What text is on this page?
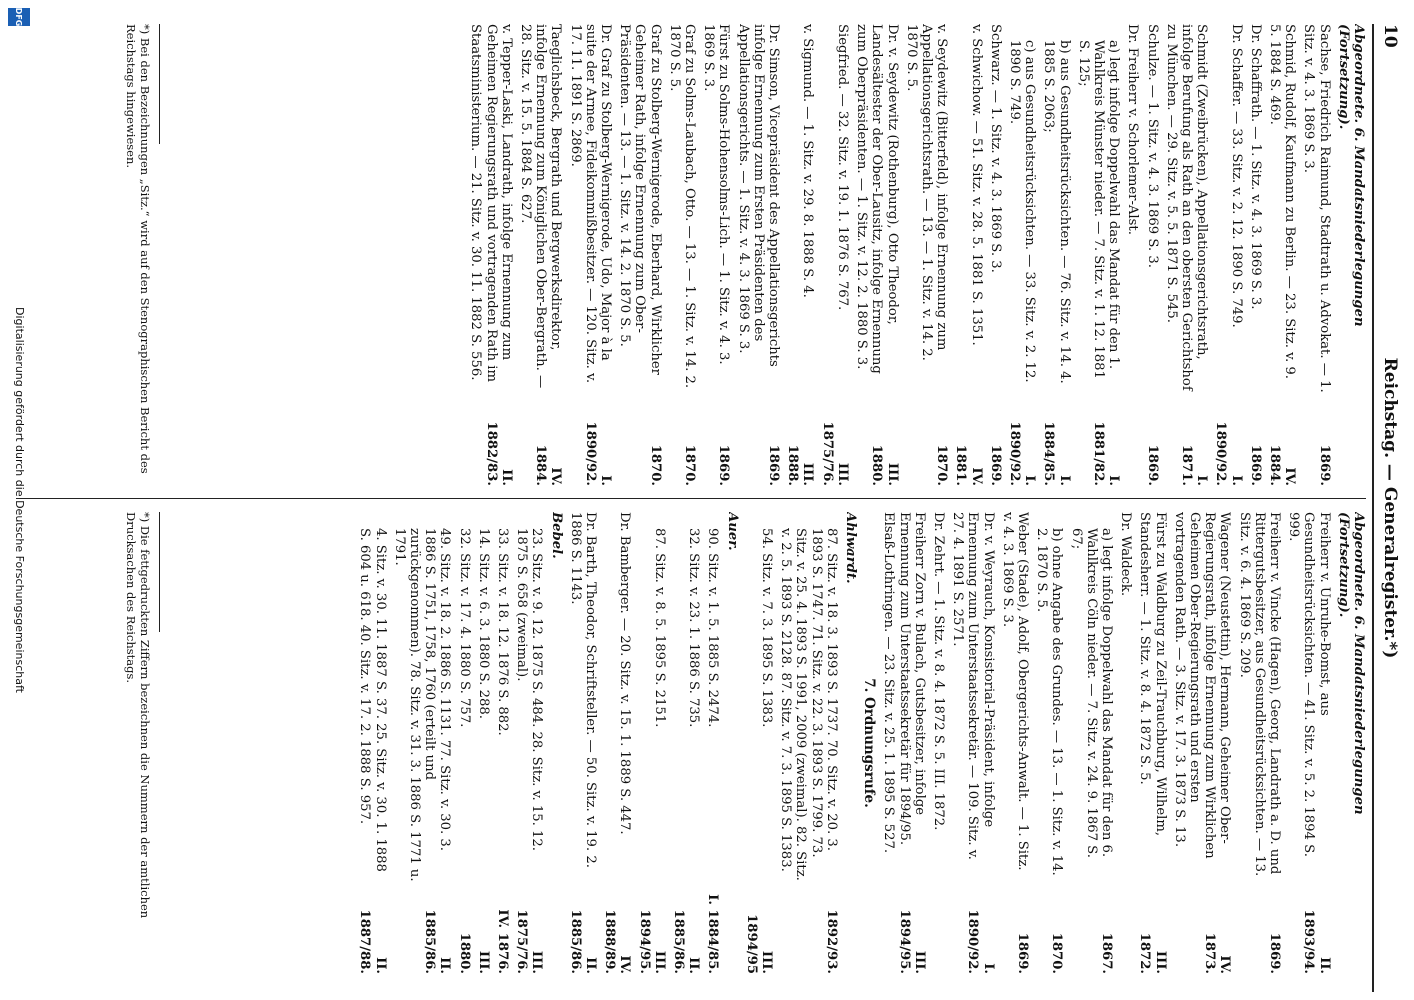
10
Reichstag. — Generalregister.*)
Abgeordnete. 6. Mandatsniederlegungen (Fortsetzung).
Sachse, Friedrich Raimund, Stadtrath u. Advokat. — 1. Sitz. v. 4. 3. 1869 S. 3.
1869.
Schmid, Rudolf, Kaufmann zu Berlin. — 23. Sitz. v. 9. 5. 1884 S. 469.
IV.
1884.
Dr. Schaffrath. — 1. Sitz. v. 4. 3. 1869 S. 3.
1869.
Dr. Schaffer. — 33. Sitz. v. 2. 12. 1890 S. 749.
I.
1890/92.
Schmidt (Zweibrücken), Appellationsgerichtsrath, infolge Berufung als Rath an den obersten Gerichtshof zu München. — 29. Sitz. v. 5. 5. 1871 S. 545.
I.
1871.
Schulze. — 1. Sitz. v. 4. 3. 1869 S. 3.
1869.
Dr. Freiherr v. Schorlemer-Alst.
a) legt infolge Doppelwahl das Mandat für den 1. Wahlkreis Münster nieder. — 7. Sitz. v. 1. 12. 1881 S. 125;
I.
1881/82.
b) aus Gesundheitsrücksichten. — 76. Sitz. v. 14. 4. 1885 S. 2063;
I.
1884/85.
c) aus Gesundheitsrücksichten. — 33. Sitz. v. 2. 12. 1890 S. 749.
I.
1890/92.
Schwarz. — 1. Sitz. v. 4. 3. 1869 S. 3.
1869.
v. Schwichow. — 51. Sitz. v. 28. 5. 1881 S. 1351.
IV.
1881.
v. Seydewitz (Bitterfeld), infolge Ernennung zum Appellationsgerichtsrath. — 13. — 1. Sitz. v. 14. 2. 1870 S. 5.
1870.
Dr. v. Seydewitz (Rothenburg), Otto Theodor, Landesältester der Ober-Lausitz, infolge Ernennung zum Oberpräsidenten. — 1. Sitz. v. 12. 2. 1880 S. 3.
III.
1880.
Siegfried. — 32. Sitz. v. 19. 1. 1876 S. 767.
III.
1875/76.
v. Sigmund. — 1. Sitz. v. 29. 8. 1888 S. 4.
III.
1888.
Dr. Simson, Vicepräsident des Appellationsgerichts infolge Ernennung zum Ersten Präsidenten des Appellationsgerichts. — 1. Sitz. v. 4. 3. 1869 S. 3.
1869.
Fürst zu Solms-Hohensolms-Lich. — 1. Sitz. v. 4. 3. 1869 S. 3.
1869.
Graf zu Solms-Laubach, Otto. — 13. — 1. Sitz. v. 14. 2. 1870 S. 5.
1870.
Graf zu Stolberg-Wernigerode, Eberhard, Wirklicher Geheimer Rath, infolge Ernennung zum Ober-Präsidenten. — 13. — 1. Sitz. v. 14. 2. 1870 S. 5.
1870.
Dr. Graf zu Stolberg-Wernigerode, Udo, Major à la suite der Armee, Fideikommißbesitzer. — 120. Sitz. v. 17. 11. 1891 S. 2869.
I.
1890/92.
Taeglichsbeck, Bergrath und Bergwerksdirektor, infolge Ernennung zum Königlichen Ober-Bergrath. — 28. Sitz. v. 15. 5. 1884 S. 627.
IV.
1884.
v. Tepper-Laski, Landrath, infolge Ernennung zum Geheimen Regierungsrath und vortragenden Rath im Staatsministerium. — 21. Sitz. v. 30. 11. 1882 S. 556.
II.
1882/83.
Abgeordnete. 6. Mandatsniederlegungen (Fortsetzung).
Freiherr v. Unruhe-Bomst, aus Gesundheitsrücksichten. — 41. Sitz. v. 5. 2. 1894 S. 999.
II.
1893/94.
Freiherr v. Vincke (Hagen), Georg, Landrath a. D. und Rittergutsbesitzer, aus Gesundheitsrücksichten. — 13. Sitz. v. 6. 4. 1869 S. 209.
1869.
Wagener (Neustettin), Hermann, Geheimer Ober-Regierungsrath, infolge Ernennung zum Wirklichen Geheimen Ober-Regierungsrath und ersten vortragenden Rath. — 3. Sitz. v. 17. 3. 1873 S. 13.
IV.
1873.
Fürst zu Waldburg zu Zeil-Trauchburg, Wilhelm, Standesherr. — 1. Sitz. v. 8. 4. 1872 S. 5.
III.
1872.
Dr. Waldeck.
a) legt infolge Doppelwahl das Mandat für den 6. Wahlkreis Cöln nieder. — 7. Sitz. v. 24. 9. 1867 S. 67;
1867.
b) ohne Angabe des Grundes. — 13. — 1. Sitz. v. 14. 2. 1870 S. 5.
1870.
Weber (Stade), Adolf, Obergerichts-Anwalt. — 1. Sitz. v. 4. 3. 1869 S. 3.
1869.
Dr. v. Weyrauch, Konsistorial-Präsident, infolge Ernennung zum Unterstaatssekretär. — 109. Sitz. v. 27. 4. 1891 S. 2571.
I.
1890/92.
Dr. Zehrt. — 1. Sitz. v. 8. 4. 1872 S. 5. III. 1872.
Freiherr Zorn v. Bulach, Gutsbesitzer, infolge Ernennung zum Unterstaatssekretär für 1894/95. Elsaß-Lothringen. — 23. Sitz. v. 25. 1. 1895 S. 527.
III.
1894/95.
7. Ordnungsrufe.
Ahlwardt.
87. Sitz. v. 18. 3. 1893 S. 1737. 70. Sitz. v. 20. 3. 1893 S. 1747. 71. Sitz. v. 22. 3. 1893 S. 1799. 73. Sitz. v. 25. 4. 1893 S. 1991, 2009 (zweimal). 82. Sitz. v. 2. 5. 1893 S. 2128. 87. Sitz. v. 7. 3. 1895 S. 1383.
1892/93.
54. Sitz. v. 7. 3. 1895 S. 1383.
III. 1894/95
Auer.
90. Sitz. v. 1. 5. 1885 S. 2474.
I. 1884/85.
32. Sitz. v. 23. 1. 1886 S. 735.
II. 1885/86.
87. Sitz. v. 8. 5. 1895 S. 2151.
III. 1894/95.
Dr. Bamberger. — 20. Sitz. v. 15. 1. 1889 S. 447.
IV.
1888/89.
Dr. Barth, Theodor, Schriftsteller. — 50. Sitz. v. 19. 2. 1886 S. 1143.
II.
1885/86.
Bebel.
23. Sitz. v. 9. 12. 1875 S. 484. 28. Sitz. v. 15. 12. 1875 S. 658 (zweimal).
III.
1875/76.
33. Sitz. v. 18. 12. 1876 S. 882.
IV. 1876.
14. Sitz. v. 6. 3. 1880 S. 288.
III.
32. Sitz. v. 17. 4. 1880 S. 757.
1880.
49. Sitz. v. 18. 2. 1886 S. 1131. 77. Sitz. v. 30. 3. 1886 S. 1751, 1758, 1760 (erteilt und zurückgenommen). 78. Sitz. v. 31. 3. 1886 S. 1771 u. 1791.
II.
1885/86.
4. Sitz. v. 30. 11. 1887 S. 37. 25. Sitz. v. 30. 1. 1888 S. 604 u. 618. 40. Sitz. v. 17. 2. 1888 S. 957.
II.
1887/88.
*) Bei den Bezeichnungen „Sitz.“ wird auf den Stenographischen Bericht des Reichstags hingewiesen.
*) Die fettgedruckten Ziffern bezeichnen die Nummern der amtlichen Drucksachen des Reichstags.
DFG
Digitalisierung gefördert durch die Deutsche Forschungsgemeinschaft
